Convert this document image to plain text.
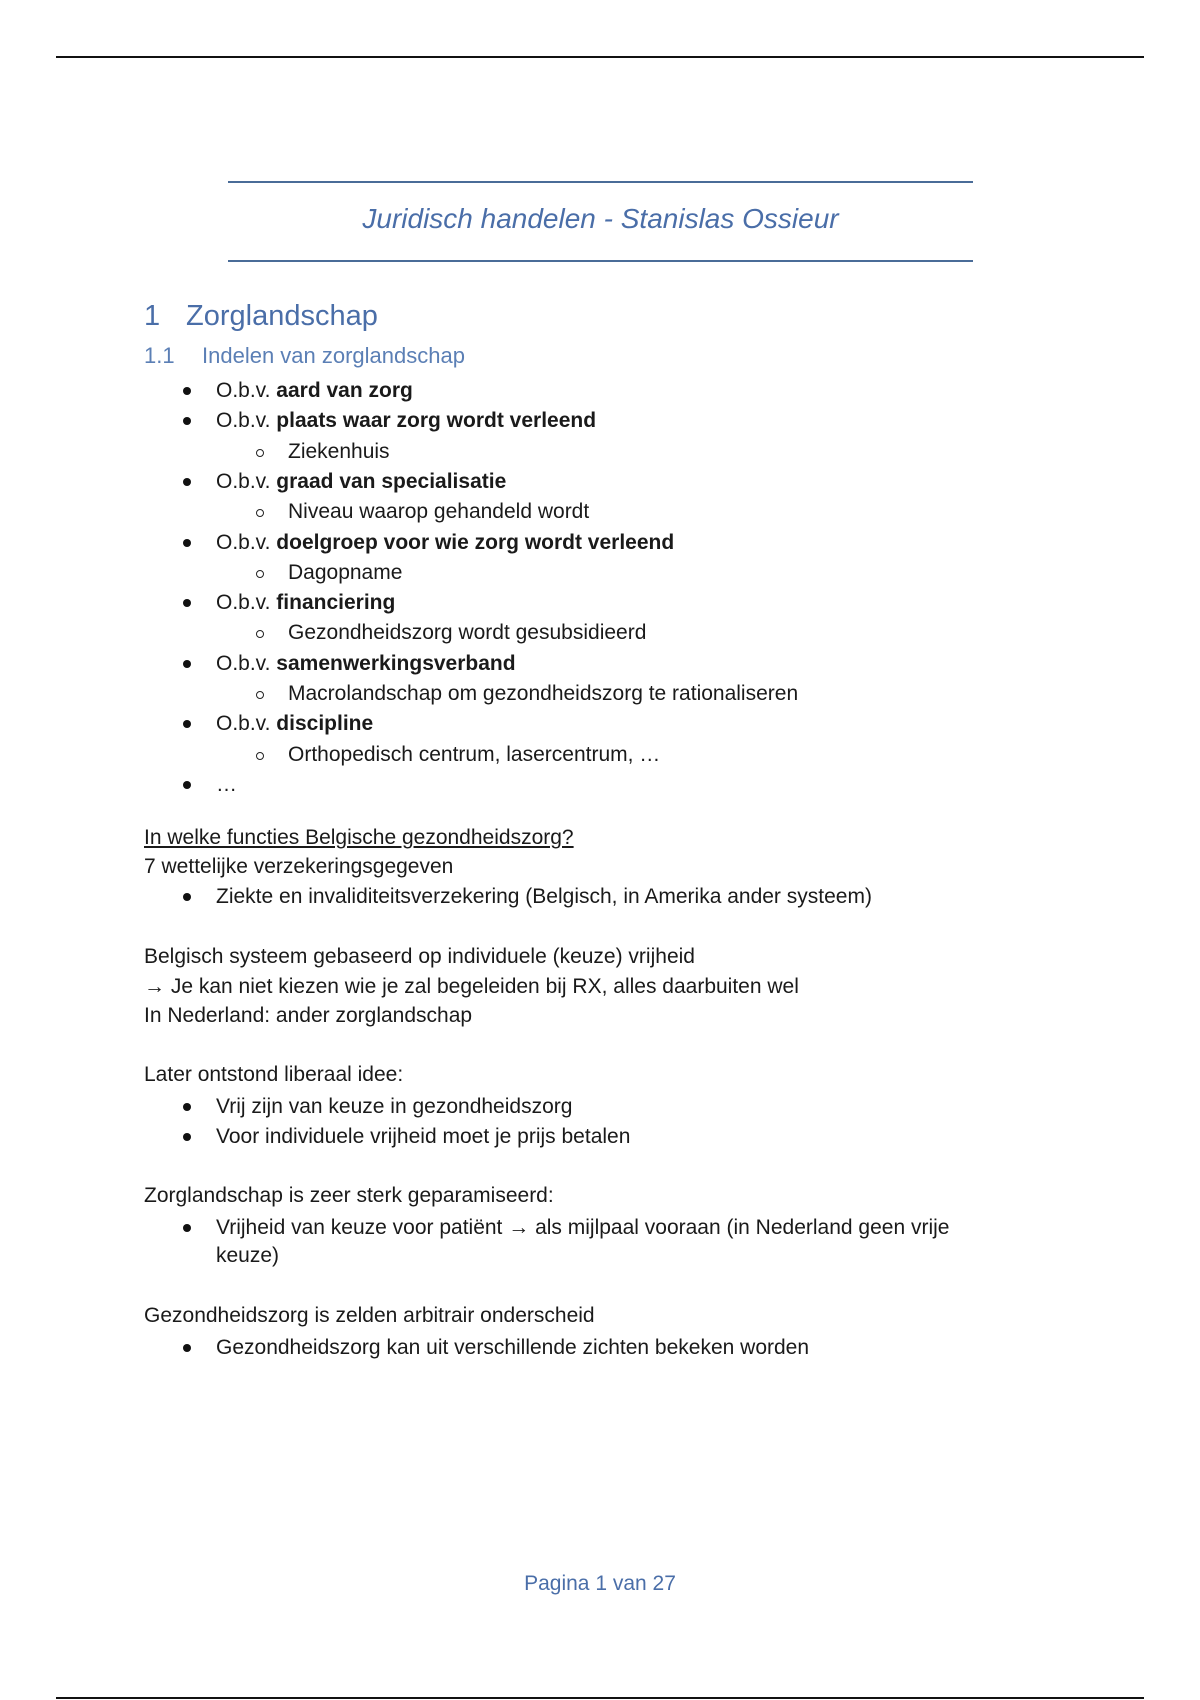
Juridisch handelen - Stanislas Ossieur
1 Zorglandschap
1.1 Indelen van zorglandschap
O.b.v. aard van zorg
O.b.v. plaats waar zorg wordt verleend
Ziekenhuis
O.b.v. graad van specialisatie
Niveau waarop gehandeld wordt
O.b.v. doelgroep voor wie zorg wordt verleend
Dagopname
O.b.v. financiering
Gezondheidszorg wordt gesubsidieerd
O.b.v. samenwerkingsverband
Macrolandschap om gezondheidszorg te rationaliseren
O.b.v. discipline
Orthopedisch centrum, lasercentrum, …
…
In welke functies Belgische gezondheidszorg?
7 wettelijke verzekeringsgegeven
Ziekte en invaliditeitsverzekering (Belgisch, in Amerika ander systeem)
Belgisch systeem gebaseerd op individuele (keuze) vrijheid
→ Je kan niet kiezen wie je zal begeleiden bij RX, alles daarbuiten wel
In Nederland: ander zorglandschap
Later ontstond liberaal idee:
Vrij zijn van keuze in gezondheidszorg
Voor individuele vrijheid moet je prijs betalen
Zorglandschap is zeer sterk geparamiseerd:
Vrijheid van keuze voor patiënt → als mijlpaal vooraan (in Nederland geen vrije
keuze)
Gezondheidszorg is zelden arbitrair onderscheid
Gezondheidszorg kan uit verschillende zichten bekeken worden
Pagina 1 van 27
